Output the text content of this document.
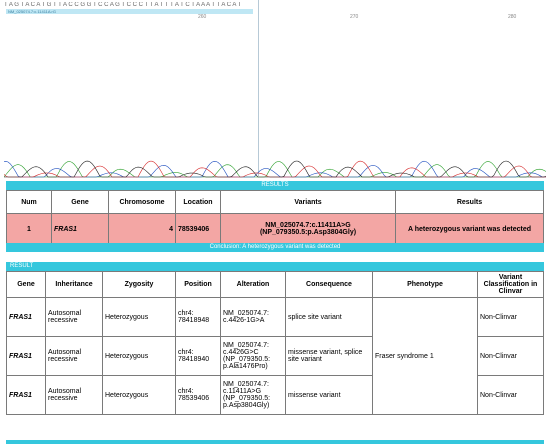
T A G T A C A T G T T A C C G G T C C A G T C C C T T A T T T A T C T A A A T T A C A T
NM_025074.7:c.11411A>G
260	270	280
RESULTS
Num	Gene	Chromosome	Location	Variants	Results
1	FRAS1	4	78539406	NM_025074.7:c.11411A>G
(NP_079350.5:p.Asp3804Gly)	A heterozygous variant was detected
Conclusion: A heterozygous variant was detected
RESULT
Gene	Inheritance	Zygosity	Position	Alteration	Consequence	Phenotype	Variant Classification in Clinvar
FRAS1	Autosomal recessive	Heterozygous	chr4: 78418948	NM_025074.7: c.4426-1G>A	splice site variant	Fraser syndrome 1	Non-Clinvar
FRAS1	Autosomal recessive	Heterozygous	chr4: 78418940	NM_025074.7: c.4426G>C (NP_079350.5: p.Ala1476Pro)	missense variant, splice site variant		Non-Clinvar
FRAS1	Autosomal recessive	Heterozygous	chr4: 78539406	NM_025074.7: c.11411A>G (NP_079350.5: p.Asp3804Gly)	missense variant		Non-Clinvar
